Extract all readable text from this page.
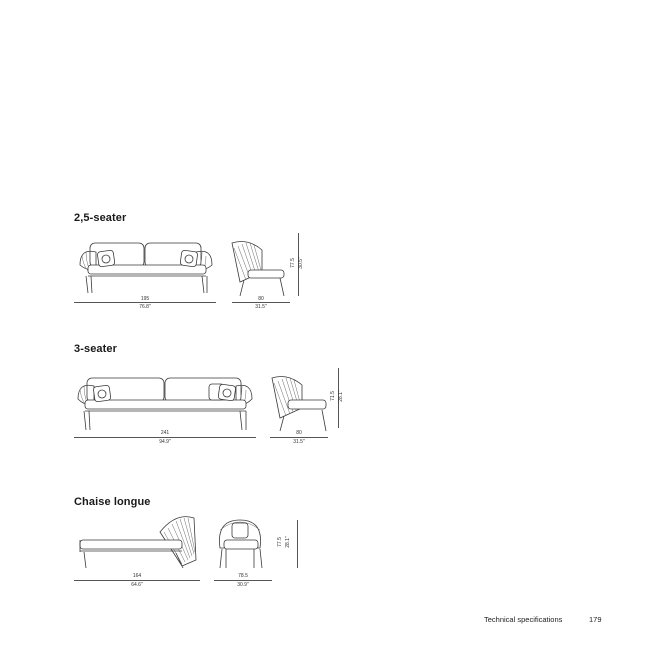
2,5-seater
195
76.8"
80
31.5"
77.5 30.5"
3-seater
241
94.9"
80
31.5"
71.5 28.1"
Chaise longue
164
64.6"
78.5
30.9"
77.5 28.1"
Technical specifications	179
